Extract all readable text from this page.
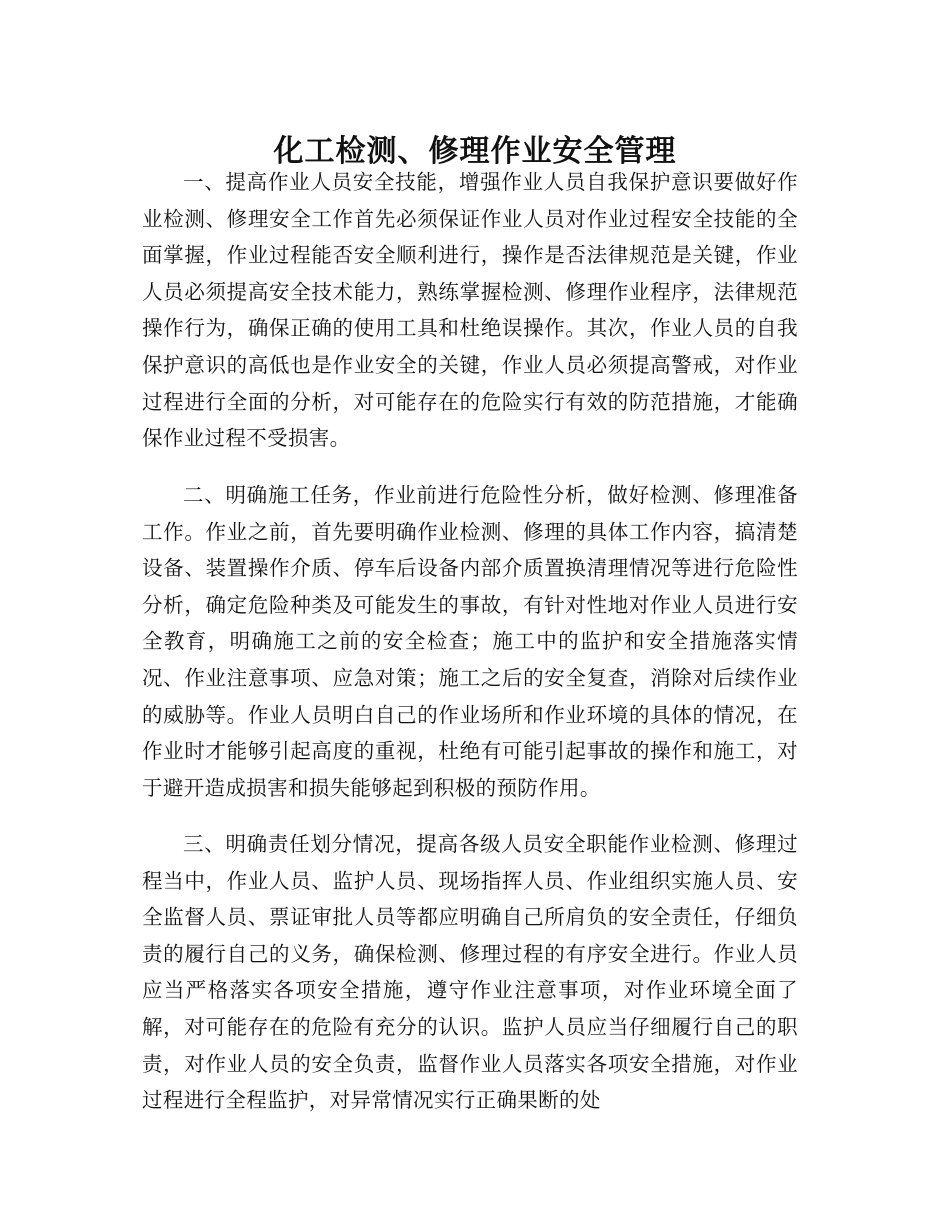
化工检测、修理作业安全管理

一、提高作业人员安全技能，增强作业人员自我保护意识要做好作业检测、修理安全工作首先必须保证作业人员对作业过程安全技能的全面掌握，作业过程能否安全顺利进行，操作是否法律规范是关键，作业人员必须提高安全技术能力，熟练掌握检测、修理作业程序，法律规范操作行为，确保正确的使用工具和杜绝误操作。其次，作业人员的自我保护意识的高低也是作业安全的关键，作业人员必须提高警戒，对作业过程进行全面的分析，对可能存在的危险实行有效的防范措施，才能确保作业过程不受损害。

二、明确施工任务，作业前进行危险性分析，做好检测、修理准备工作。作业之前，首先要明确作业检测、修理的具体工作内容，搞清楚设备、装置操作介质、停车后设备内部介质置换清理情况等进行危险性分析，确定危险种类及可能发生的事故，有针对性地对作业人员进行安全教育，明确施工之前的安全检查；施工中的监护和安全措施落实情况、作业注意事项、应急对策；施工之后的安全复查，消除对后续作业的威胁等。作业人员明白自己的作业场所和作业环境的具体的情况，在作业时才能够引起高度的重视，杜绝有可能引起事故的操作和施工，对于避开造成损害和损失能够起到积极的预防作用。

三、明确责任划分情况，提高各级人员安全职能作业检测、修理过程当中，作业人员、监护人员、现场指挥人员、作业组织实施人员、安全监督人员、票证审批人员等都应明确自己所肩负的安全责任，仔细负责的履行自己的义务，确保检测、修理过程的有序安全进行。作业人员应当严格落实各项安全措施，遵守作业注意事项，对作业环境全面了解，对可能存在的危险有充分的认识。监护人员应当仔细履行自己的职责，对作业人员的安全负责，监督作业人员落实各项安全措施，对作业过程进行全程监护，对异常情况实行正确果断的处
